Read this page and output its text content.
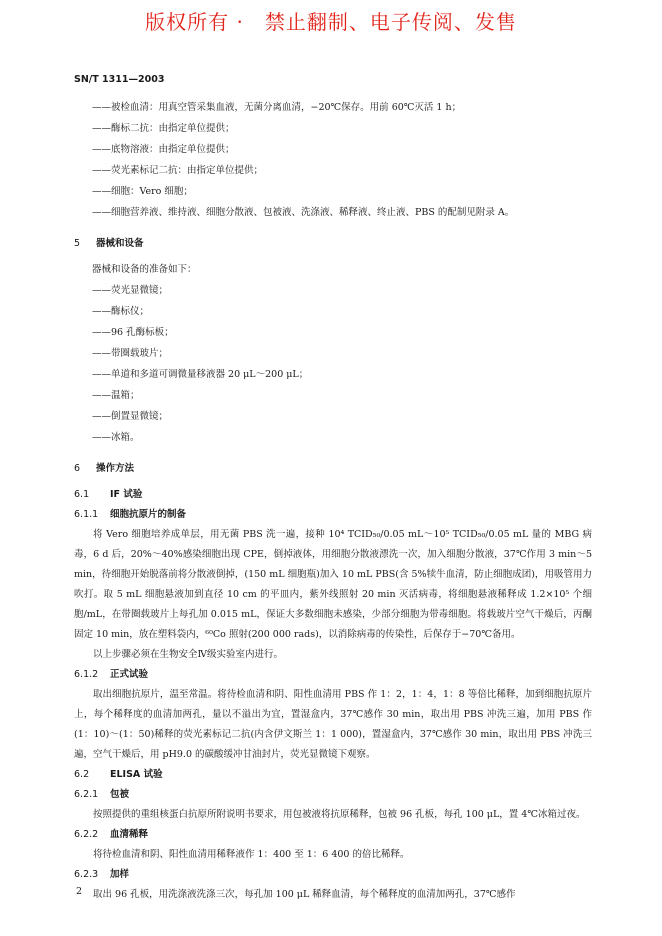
版权所有 ·　禁止翻制、电子传阅、发售
SN/T 1311—2003

——被检血清：用真空管采集血液，无菌分离血清，−20℃保存。用前 60℃灭活 1 h；

——酶标二抗：由指定单位提供；

——底物溶液：由指定单位提供；

——荧光素标记二抗：由指定单位提供；

——细胞：Vero 细胞；

——细胞营养液、维持液、细胞分散液、包被液、洗涤液、稀释液、终止液、PBS 的配制见附录 A。

5 器械和设备

器械和设备的准备如下：

——荧光显微镜；

——酶标仪；

——96 孔酶标板；

——带圈载玻片；

——单道和多道可调微量移液器 20 μL～200 μL；

——温箱；

——倒置显微镜；

——冰箱。

6 操作方法

6.1 IF 试验

6.1.1 细胞抗原片的制备

将 Vero 细胞培养成单层，用无菌 PBS 洗一遍，接种 10⁴ TCID₅₀/0.05 mL～10⁵ TCID₅₀/0.05 mL 量的 MBG 病毒，6 d 后，20%～40%感染细胞出现 CPE，倒掉液体，用细胞分散液漂洗一次，加入细胞分散液，37℃作用 3 min～5 min，待细胞开始脱落前将分散液倒掉，(150 mL 细胞瓶)加入 10 mL PBS(含 5%犊牛血清，防止细胞成团)，用吸管用力吹打。取 5 mL 细胞悬液加到直径 10 cm 的平皿内，紫外线照射 20 min 灭活病毒，将细胞悬液稀释成 1.2×10⁵ 个细胞/mL，在带圈载玻片上每孔加 0.015 mL，保证大多数细胞未感染，少部分细胞为带毒细胞。将载玻片空气干燥后，丙酮固定 10 min，放在塑料袋内，⁶⁰Co 照射(200 000 rads)，以消除病毒的传染性，后保存于−70℃备用。

以上步骤必须在生物安全Ⅳ级实验室内进行。

6.1.2 正式试验

取出细胞抗原片，温至常温。将待检血清和阴、阳性血清用 PBS 作 1：2，1：4，1：8 等倍比稀释，加到细胞抗原片上，每个稀释度的血清加两孔，量以不溢出为宜，置湿盒内，37℃感作 30 min，取出用 PBS 冲洗三遍，加用 PBS 作(1：10)～(1：50)稀释的荧光素标记二抗(内含伊文斯兰 1：1 000)，置湿盒内，37℃感作 30 min，取出用 PBS 冲洗三遍，空气干燥后，用 pH9.0 的碳酸缓冲甘油封片，荧光显微镜下观察。

6.2 ELISA 试验

6.2.1 包被

按照提供的重组核蛋白抗原所附说明书要求，用包被液将抗原稀释，包被 96 孔板，每孔 100 μL，置 4℃冰箱过夜。

6.2.2 血清稀释

将待检血清和阴、阳性血清用稀释液作 1：400 至 1：6 400 的倍比稀释。

6.2.3 加样

取出 96 孔板，用洗涤液洗涤三次，每孔加 100 μL 稀释血清，每个稀释度的血清加两孔，37℃感作

2
